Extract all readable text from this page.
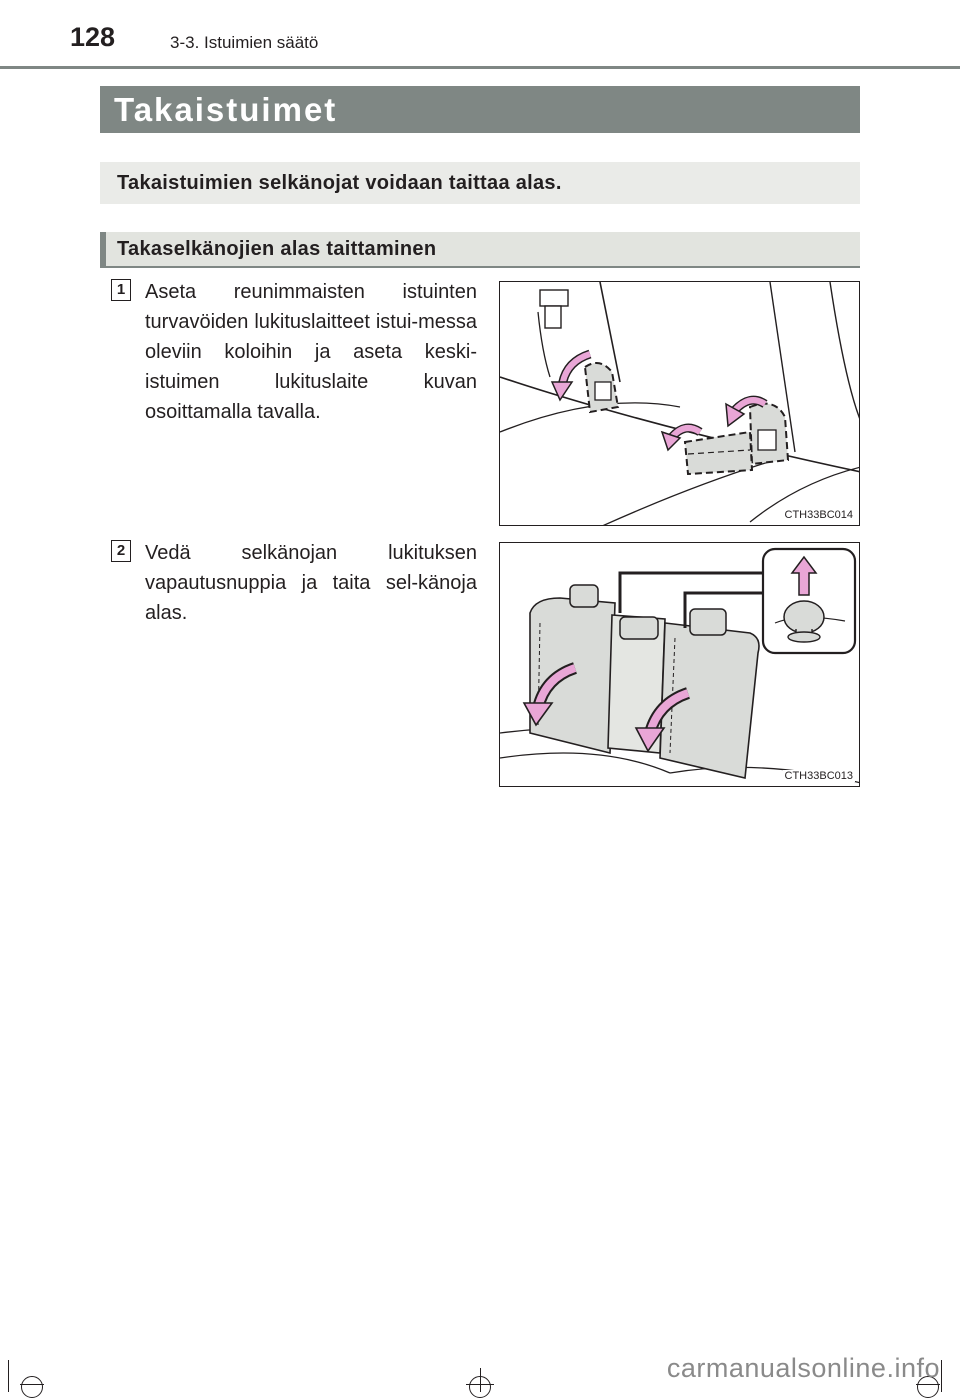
128	3-3. Istuimien säätö
Takaistuimet
Takaistuimien selkänojat voidaan taittaa alas.
Takaselkänojien alas taittaminen
1 Aseta reunimmaisten istuinten turvavöiden lukituslaitteet istui-messa oleviin koloihin ja aseta keski-istuimen lukituslaite kuvan osoittamalla tavalla.
CTH33BC014
2 Vedä selkänojan lukituksen vapautusnuppia ja taita sel-känoja alas.
CTH33BC013
carmanualsonline.info
